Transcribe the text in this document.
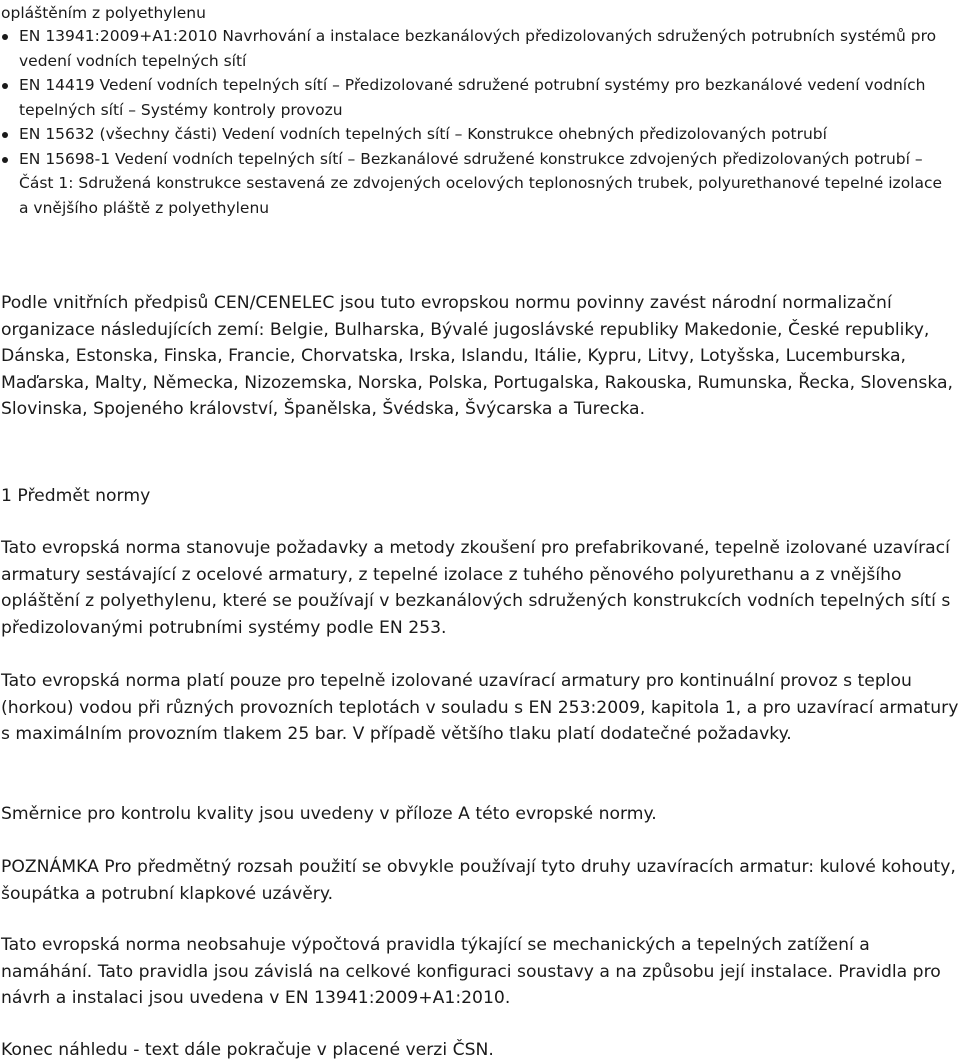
opláštěním z polyethylenu
EN 13941:2009+A1:2010 Navrhování a instalace bezkanálových předizolovaných sdružených potrubních systémů pro vedení vodních tepelných sítí
EN 14419 Vedení vodních tepelných sítí – Předizolované sdružené potrubní systémy pro bezkanálové vedení vodních tepelných sítí – Systémy kontroly provozu
EN 15632 (všechny části) Vedení vodních tepelných sítí – Konstrukce ohebných předizolovaných potrubí
EN 15698-1 Vedení vodních tepelných sítí – Bezkanálové sdružené konstrukce zdvojených předizolovaných potrubí – Část 1: Sdružená konstrukce sestavená ze zdvojených ocelových teplonosných trubek, polyurethanové tepelné izolace a vnějšího pláště z polyethylenu
Podle vnitřních předpisů CEN/CENELEC jsou tuto evropskou normu povinny zavést národní normalizační organizace následujících zemí: Belgie, Bulharska, Bývalé jugoslávské republiky Makedonie, České republiky, Dánska, Estonska, Finska, Francie, Chorvatska, Irska, Islandu, Itálie, Kypru, Litvy, Lotyšska, Lucemburska, Maďarska, Malty, Německa, Nizozemska, Norska, Polska, Portugalska, Rakouska, Rumunska, Řecka, Slovenska, Slovinska, Spojeného království, Španělska, Švédska, Švýcarska a Turecka.
1 Předmět normy
Tato evropská norma stanovuje požadavky a metody zkoušení pro prefabrikované, tepelně izolované uzavírací armatury sestávající z ocelové armatury, z tepelné izolace z tuhého pěnového polyurethanu a z vnějšího opláštění z polyethylenu, které se používají v bezkanálových sdružených konstrukcích vodních tepelných sítí s předizolovanými potrubními systémy podle EN 253.
Tato evropská norma platí pouze pro tepelně izolované uzavírací armatury pro kontinuální provoz s teplou
(horkou) vodou při různých provozních teplotách v souladu s EN 253:2009, kapitola 1, a pro uzavírací armatury s maximálním provozním tlakem 25 bar. V případě většího tlaku platí dodatečné požadavky.
Směrnice pro kontrolu kvality jsou uvedeny v příloze A této evropské normy.
POZNÁMKA Pro předmětný rozsah použití se obvykle používají tyto druhy uzavíracích armatur: kulové kohouty, šoupátka a potrubní klapkové uzávěry.
Tato evropská norma neobsahuje výpočtová pravidla týkající se mechanických a tepelných zatížení a namáhání. Tato pravidla jsou závislá na celkové konfiguraci soustavy a na způsobu její instalace. Pravidla pro návrh a instalaci jsou uvedena v EN 13941:2009+A1:2010.
Konec náhledu - text dále pokračuje v placené verzi ČSN.
